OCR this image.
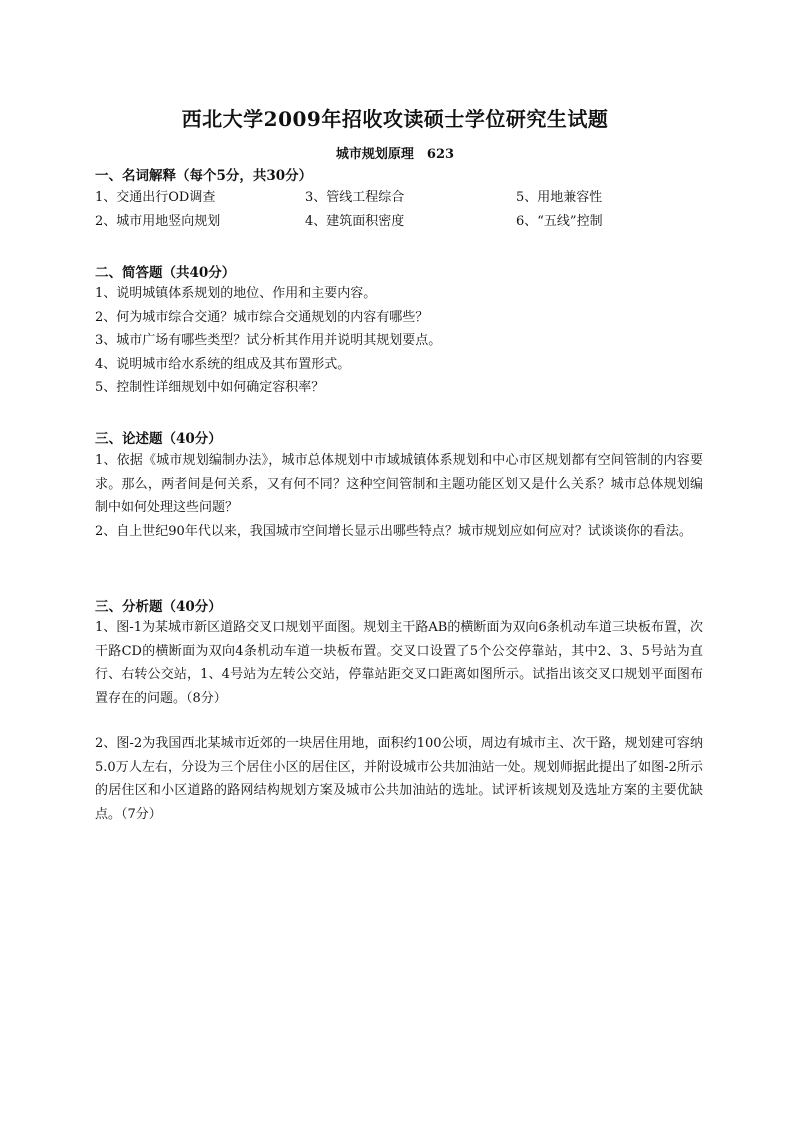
西北大学2009年招收攻读硕士学位研究生试题
城市规划原理　623
一、名词解释（每个5分，共30分）
1、交通出行OD调查	3、管线工程综合	5、用地兼容性
2、城市用地竖向规划	4、建筑面积密度	6、“五线”控制
二、简答题（共40分）

1、说明城镇体系规划的地位、作用和主要内容。

2、何为城市综合交通？城市综合交通规划的内容有哪些？

3、城市广场有哪些类型？试分析其作用并说明其规划要点。

4、说明城市给水系统的组成及其布置形式。

5、控制性详细规划中如何确定容积率？

三、论述题（40分）

1、依据《城市规划编制办法》，城市总体规划中市域城镇体系规划和中心市区规划都有空间管制的内容要求。那么，两者间是何关系，又有何不同？这种空间管制和主题功能区划又是什么关系？城市总体规划编制中如何处理这些问题？

2、自上世纪90年代以来，我国城市空间增长显示出哪些特点？城市规划应如何应对？试谈谈你的看法。

三、分析题（40分）

1、图-1为某城市新区道路交叉口规划平面图。规划主干路AB的横断面为双向6条机动车道三块板布置，次干路CD的横断面为双向4条机动车道一块板布置。交叉口设置了5个公交停靠站，其中2、3、5号站为直行、右转公交站，1、4号站为左转公交站，停靠站距交叉口距离如图所示。试指出该交叉口规划平面图布置存在的问题。（8分）

2、图-2为我国西北某城市近郊的一块居住用地，面积约100公顷，周边有城市主、次干路，规划建可容纳5.0万人左右，分设为三个居住小区的居住区，并附设城市公共加油站一处。规划师据此提出了如图-2所示的居住区和小区道路的路网结构规划方案及城市公共加油站的选址。试评析该规划及选址方案的主要优缺点。（7分）
